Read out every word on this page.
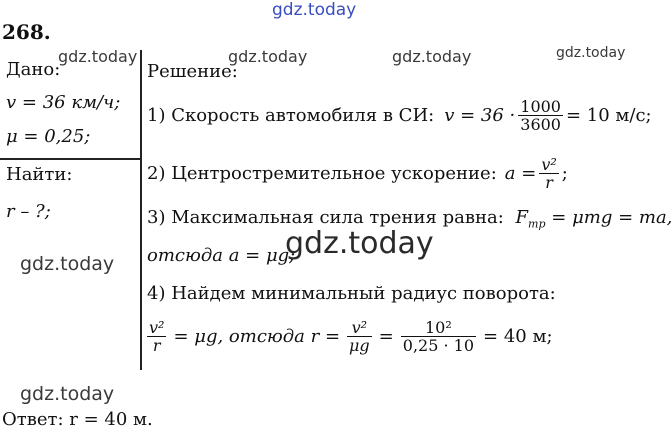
gdz.today
gdz.today	gdz.today	gdz.today	gdz.today
gdz.today
gdz.today
gdz.today
268.
Дано:
v = 36 км/ч;
μ = 0,25;
Найти:
r – ?;
Решение:
1) Скорость автомобиля в СИ: $v = 36 \cdot \frac{1000}{3600} = 10$ м/с;
2) Центростремительное ускорение: $a = \frac{\text{v²}}{r}$ ;
3) Максимальная сила трения равна: $F_{тр} = \mu mg$ = ma,
отсюда a = μg;
4) Найдем минимальный радиус поворота:
$\frac{\text{v²}}{r} = \mu g$, отсюда $r = \frac{\text{v²}}{\mu g} = \frac{\text{10²}}{0,25 \cdot 10} = 40$ м;
Ответ: r = 40 м.
